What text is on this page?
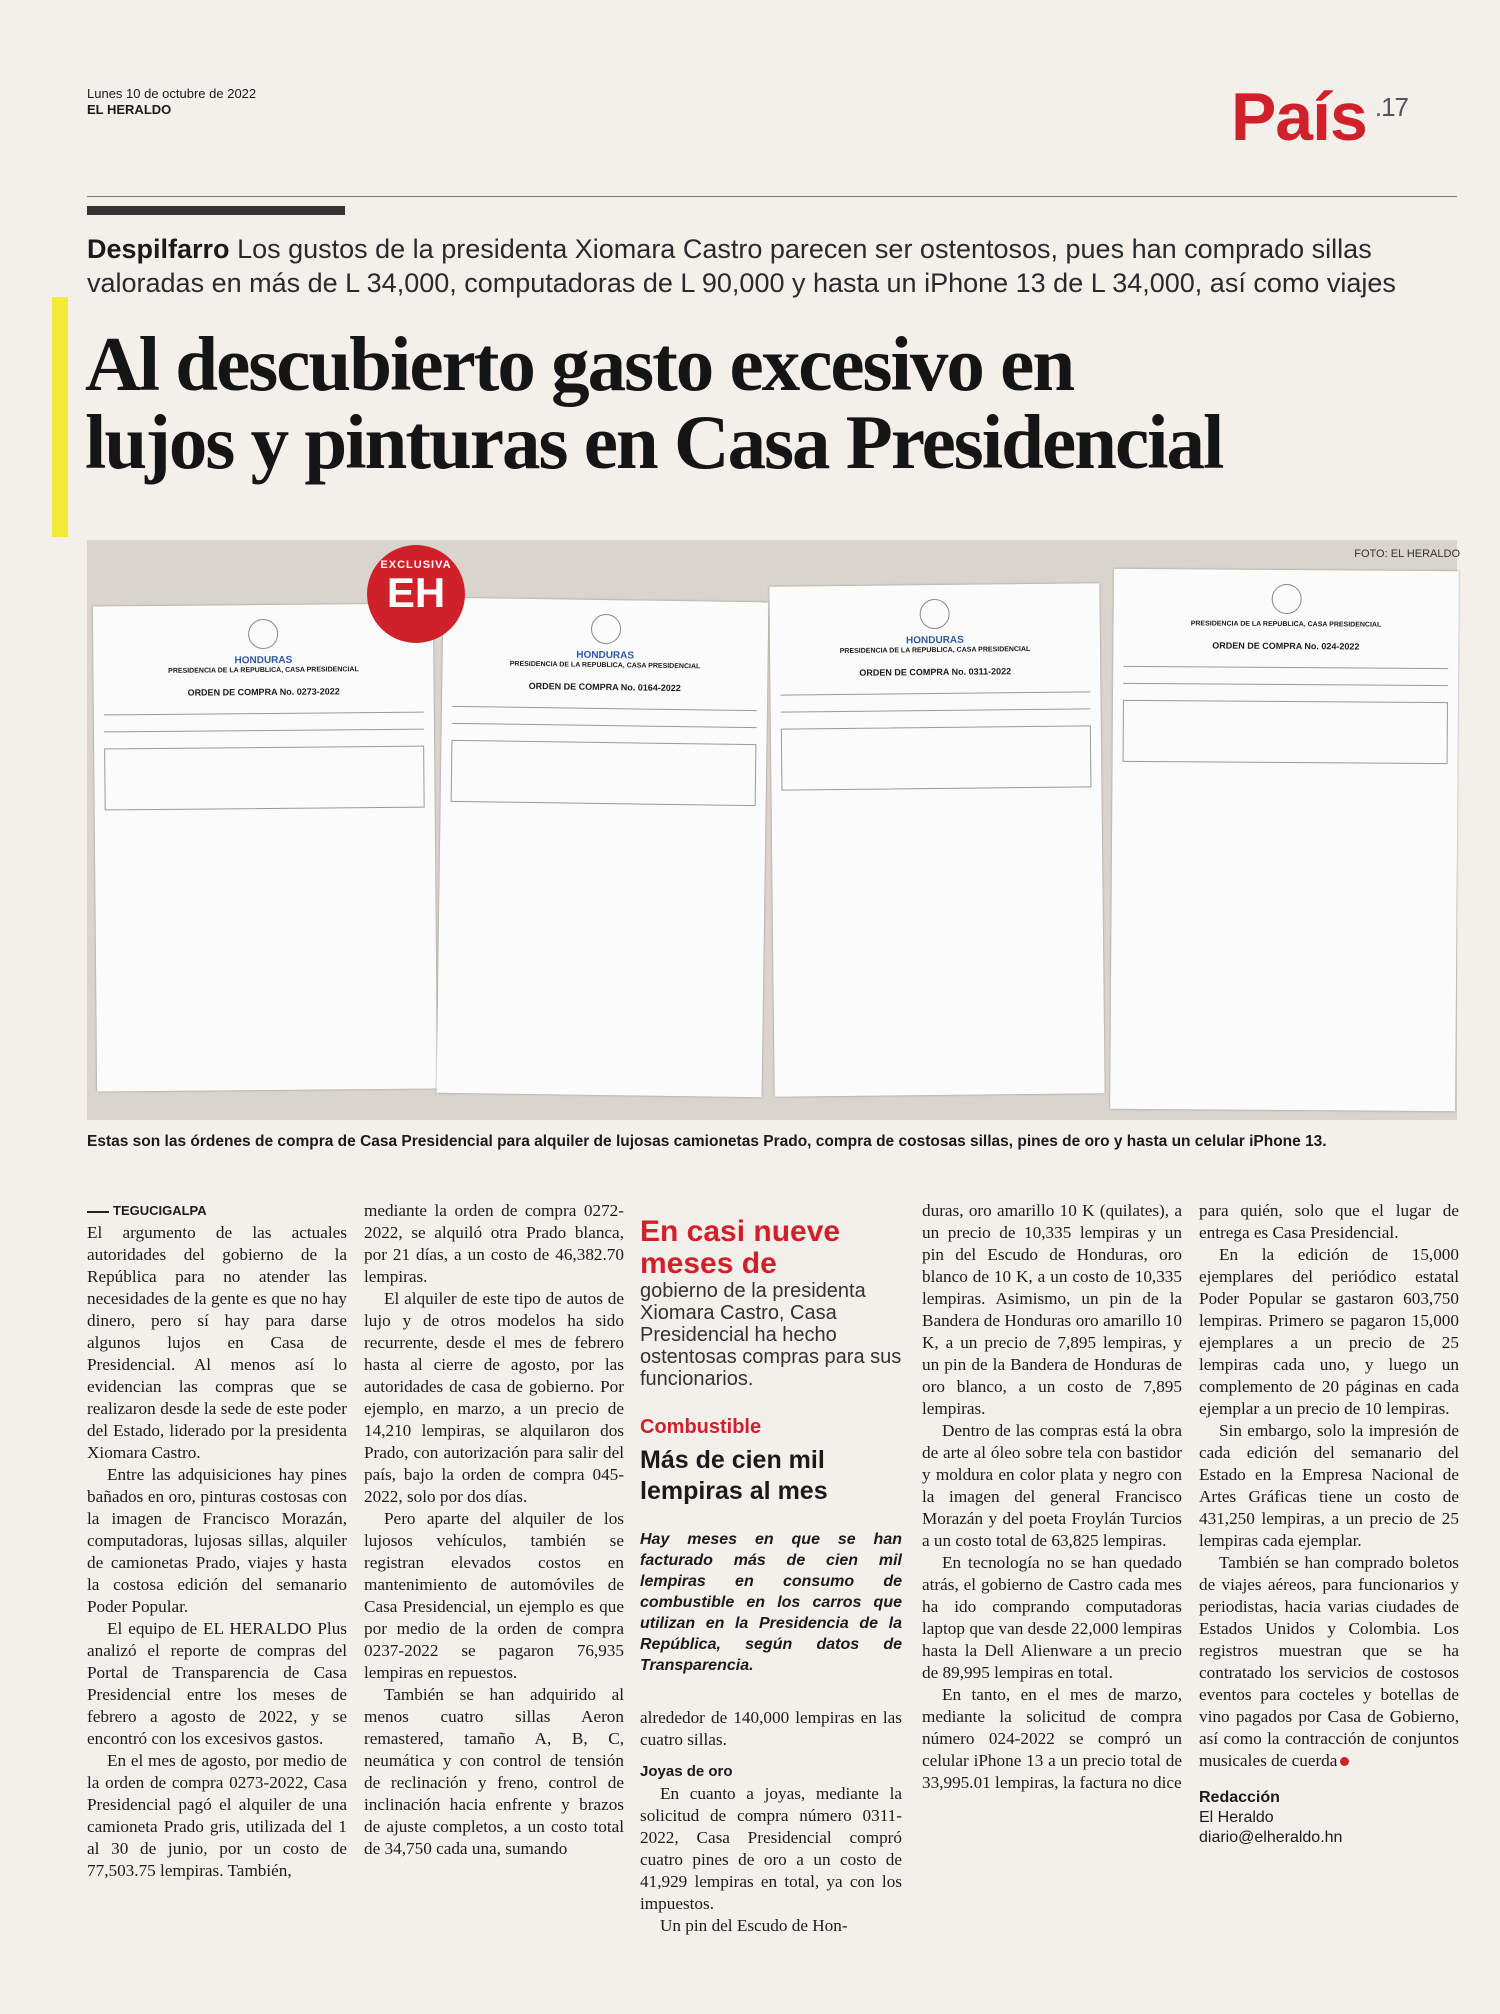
Lunes 10 de octubre de 2022
EL HERALDO	País $^{.17}$
Despilfarro Los gustos de la presidenta Xiomara Castro parecen ser ostentosos, pues han comprado sillas valoradas en más de L 34,000, computadoras de L 90,000 y hasta un iPhone 13 de L 34,000, así como viajes
Al descubierto gasto excesivo en
lujos y pinturas en Casa Presidencial
FOTO: EL HERALDO
HONDURAS
PRESIDENCIA DE LA REPUBLICA, CASA PRESIDENCIAL
ORDEN DE COMPRA No. 0273-2022
HONDURAS
PRESIDENCIA DE LA REPUBLICA, CASA PRESIDENCIAL
ORDEN DE COMPRA No. 0164-2022
HONDURAS
PRESIDENCIA DE LA REPUBLICA, CASA PRESIDENCIAL
ORDEN DE COMPRA No. 0311-2022
PRESIDENCIA DE LA REPUBLICA, CASA PRESIDENCIAL
ORDEN DE COMPRA No. 024-2022
EXCLUSIVA
EH
Estas son las órdenes de compra de Casa Presidencial para alquiler de lujosas camionetas Prado, compra de costosas sillas, pines de oro y hasta un celular iPhone 13.
TEGUCIGALPA

El argumento de las actuales autoridades del gobierno de la República para no atender las necesidades de la gente es que no hay dinero, pero sí hay para darse algunos lujos en Casa de Presidencial. Al menos así lo evidencian las compras que se realizaron desde la sede de este poder del Estado, liderado por la presidenta Xiomara Castro.

Entre las adquisiciones hay pines bañados en oro, pinturas costosas con la imagen de Francisco Morazán, computadoras, lujosas sillas, alquiler de camionetas Prado, viajes y hasta la costosa edición del semanario Poder Popular.

El equipo de EL HERALDO Plus analizó el reporte de compras del Portal de Transparencia de Casa Presidencial entre los meses de febrero a agosto de 2022, y se encontró con los excesivos gastos.

En el mes de agosto, por medio de la orden de compra 0273-2022, Casa Presidencial pagó el alquiler de una camioneta Prado gris, utilizada del 1 al 30 de junio, por un costo de 77,503.75 lempiras. También,

mediante la orden de compra 0272-2022, se alquiló otra Prado blanca, por 21 días, a un costo de 46,382.70 lempiras.

El alquiler de este tipo de autos de lujo y de otros modelos ha sido recurrente, desde el mes de febrero hasta al cierre de agosto, por las autoridades de casa de gobierno. Por ejemplo, en marzo, a un precio de 14,210 lempiras, se alquilaron dos Prado, con autorización para salir del país, bajo la orden de compra 045-2022, solo por dos días.

Pero aparte del alquiler de los lujosos vehículos, también se registran elevados costos en mantenimiento de automóviles de Casa Presidencial, un ejemplo es que por medio de la orden de compra 0237-2022 se pagaron 76,935 lempiras en repuestos.

También se han adquirido al menos cuatro sillas Aeron remastered, tamaño A, B, C, neumática y con control de tensión de reclinación y freno, control de inclinación hacia enfrente y brazos de ajuste completos, a un costo total de 34,750 cada una, sumando

En casi nueve meses de
gobierno de la presidenta Xiomara Castro, Casa Presidencial ha hecho ostentosas compras para sus funcionarios.
Combustible
Más de cien mil lempiras al mes
Hay meses en que se han facturado más de cien mil lempiras en consumo de combustible en los carros que utilizan en la Presidencia de la República, según datos de Transparencia.

alrededor de 140,000 lempiras en las cuatro sillas.

Joyas de oro

En cuanto a joyas, mediante la solicitud de compra número 0311-2022, Casa Presidencial compró cuatro pines de oro a un costo de 41,929 lempiras en total, ya con los impuestos.

Un pin del Escudo de Hon-

duras, oro amarillo 10 K (quilates), a un precio de 10,335 lempiras y un pin del Escudo de Honduras, oro blanco de 10 K, a un costo de 10,335 lempiras. Asimismo, un pin de la Bandera de Honduras oro amarillo 10 K, a un precio de 7,895 lempiras, y un pin de la Bandera de Honduras de oro blanco, a un costo de 7,895 lempiras.

Dentro de las compras está la obra de arte al óleo sobre tela con bastidor y moldura en color plata y negro con la imagen del general Francisco Morazán y del poeta Froylán Turcios a un costo total de 63,825 lempiras.

En tecnología no se han quedado atrás, el gobierno de Castro cada mes ha ido comprando computadoras laptop que van desde 22,000 lempiras hasta la Dell Alienware a un precio de 89,995 lempiras en total.

En tanto, en el mes de marzo, mediante la solicitud de compra número 024-2022 se compró un celular iPhone 13 a un precio total de 33,995.01 lempiras, la factura no dice

para quién, solo que el lugar de entrega es Casa Presidencial.

En la edición de 15,000 ejemplares del periódico estatal Poder Popular se gastaron 603,750 lempiras. Primero se pagaron 15,000 ejemplares a un precio de 25 lempiras cada uno, y luego un complemento de 20 páginas en cada ejemplar a un precio de 10 lempiras.

Sin embargo, solo la impresión de cada edición del semanario del Estado en la Empresa Nacional de Artes Gráficas tiene un costo de 431,250 lempiras, a un precio de 25 lempiras cada ejemplar.

También se han comprado boletos de viajes aéreos, para funcionarios y periodistas, hacia varias ciudades de Estados Unidos y Colombia. Los registros muestran que se ha contratado los servicios de costosos eventos para cocteles y botellas de vino pagados por Casa de Gobierno, así como la contracción de conjuntos musicales de cuerda

Redacción
El Heraldo
diario@elheraldo.hn
